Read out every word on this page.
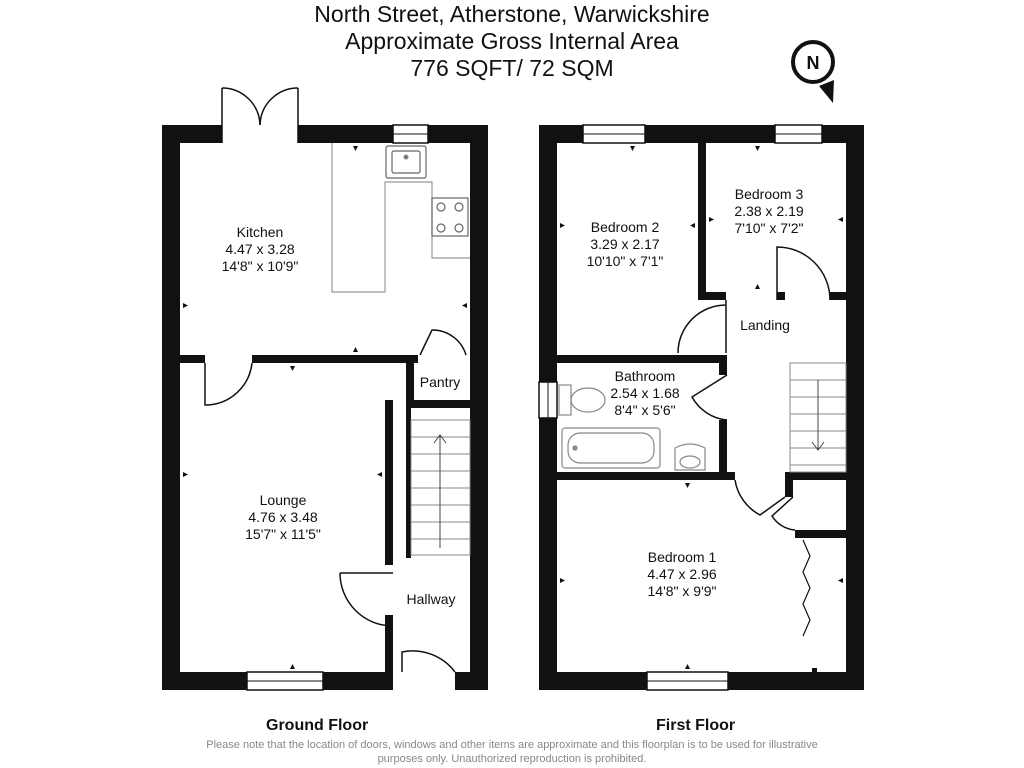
North Street, Atherstone, Warwickshire
Approximate Gross Internal Area
776 SQFT/ 72 SQM	N
Kitchen
4.47 x 3.28
14'8" x 10'9"
Lounge
4.76 x 3.48
15'7" x 11'5"
Pantry
Hallway
Bedroom 2
3.29 x 2.17
10'10" x 7'1"
Bedroom 3
2.38 x 2.19
7'10" x 7'2"
Landing
Bathroom
2.54 x 1.68
8'4" x 5'6"
Bedroom 1
4.47 x 2.96
14'8" x 9'9"
Ground Floor	First Floor
Please note that the location of doors, windows and other items are approximate and this floorplan is to be used for illustrative
purposes only. Unauthorized reproduction is prohibited.
